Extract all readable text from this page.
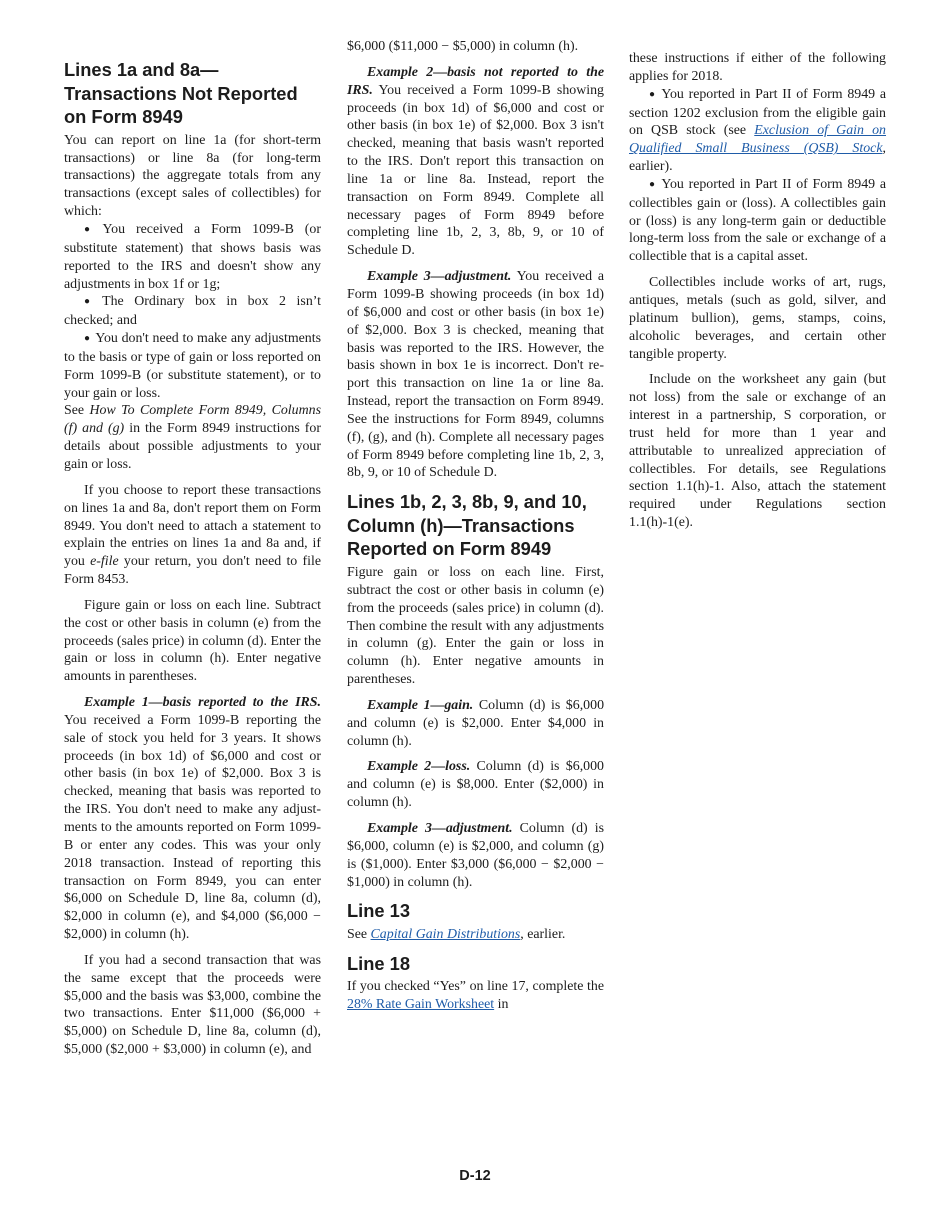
Lines 1a and 8a— Transactions Not Reported on Form 8949

You can report on line 1a (for short-term transactions) or line 8a (for long-term transactions) the aggregate totals from any transactions (except sales of collectibles) for which:

● You received a Form 1099-B (or substitute statement) that shows basis was reported to the IRS and doesn't show any adjustments in box 1f or 1g;
● The Ordinary box in box 2 isn’t checked; and
● You don't need to make any adjustments to the basis or type of gain or loss reported on Form 1099-B (or substitute statement), or to your gain or loss.

See How To Complete Form 8949, Columns (f) and (g) in the Form 8949 instructions for details about possible adjustments to your gain or loss.

If you choose to report these transactions on lines 1a and 8a, don't report them on Form 8949. You don't need to attach a statement to explain the entries on lines 1a and 8a and, if you e-file your return, you don't need to file Form 8453.

Figure gain or loss on each line. Subtract the cost or other basis in column (e) from the proceeds (sales price) in column (d). Enter the gain or loss in column (h). Enter negative amounts in parentheses.

Example 1—basis reported to the IRS. You received a Form 1099-B reporting the sale of stock you held for 3 years. It shows proceeds (in box 1d) of $6,000 and cost or other basis (in box 1e) of $2,000. Box 3 is checked, meaning that basis was reported to the IRS. You don't need to make any adjustments to the amounts reported on Form 1099-B or enter any codes. This was your only 2018 transaction. Instead of reporting this transaction on Form 8949, you can enter $6,000 on Schedule D, line 8a, column (d), $2,000 in column (e), and $4,000 ($6,000 − $2,000) in column (h).

If you had a second transaction that was the same except that the proceeds were $5,000 and the basis was $3,000, combine the two transactions. Enter $11,000 ($6,000 + $5,000) on Schedule D, line 8a, column (d), $5,000 ($2,000 + $3,000) in column (e), and

$6,000 ($11,000 − $5,000) in column (h).

Example 2—basis not reported to the IRS. You received a Form 1099-B showing proceeds (in box 1d) of $6,000 and cost or other basis (in box 1e) of $2,000. Box 3 isn't checked, meaning that basis wasn't reported to the IRS. Don't report this transaction on line 1a or line 8a. Instead, report the transaction on Form 8949. Complete all necessary pages of Form 8949 before completing line 1b, 2, 3, 8b, 9, or 10 of Schedule D.

Example 3—adjustment. You received a Form 1099-B showing proceeds (in box 1d) of $6,000 and cost or other basis (in box 1e) of $2,000. Box 3 is checked, meaning that basis was reported to the IRS. However, the basis shown in box 1e is incorrect. Don't report this transaction on line 1a or line 8a. Instead, report the transaction on Form 8949. See the instructions for Form 8949, columns (f), (g), and (h). Complete all necessary pages of Form 8949 before completing line 1b, 2, 3, 8b, 9, or 10 of Schedule D.

Lines 1b, 2, 3, 8b, 9, and 10, Column (h)—Transactions Reported on Form 8949

Figure gain or loss on each line. First, subtract the cost or other basis in column (e) from the proceeds (sales price) in column (d). Then combine the result with any adjustments in column (g). Enter the gain or loss in column (h). Enter negative amounts in parentheses.

Example 1—gain. Column (d) is $6,000 and column (e) is $2,000. Enter $4,000 in column (h).

Example 2—loss. Column (d) is $6,000 and column (e) is $8,000. Enter ($2,000) in column (h).

Example 3—adjustment. Column (d) is $6,000, column (e) is $2,000, and column (g) is ($1,000). Enter $3,000 ($6,000 − $2,000 − $1,000) in column (h).

Line 13

See Capital Gain Distributions, earlier.

Line 18

If you checked “Yes” on line 17, complete the 28% Rate Gain Worksheet in

these instructions if either of the following applies for 2018.

● You reported in Part II of Form 8949 a section 1202 exclusion from the eligible gain on QSB stock (see Exclusion of Gain on Qualified Small Business (QSB) Stock, earlier).
● You reported in Part II of Form 8949 a collectibles gain or (loss). A collectibles gain or (loss) is any long-term gain or deductible long-term loss from the sale or exchange of a collectible that is a capital asset.

Collectibles include works of art, rugs, antiques, metals (such as gold, silver, and platinum bullion), gems, stamps, coins, alcoholic beverages, and certain other tangible property.

Include on the worksheet any gain (but not loss) from the sale or exchange of an interest in a partnership, S corporation, or trust held for more than 1 year and attributable to unrealized appreciation of collectibles. For details, see Regulations section 1.1(h)-1. Also, attach the statement required under Regulations section 1.1(h)-1(e).

D-12
